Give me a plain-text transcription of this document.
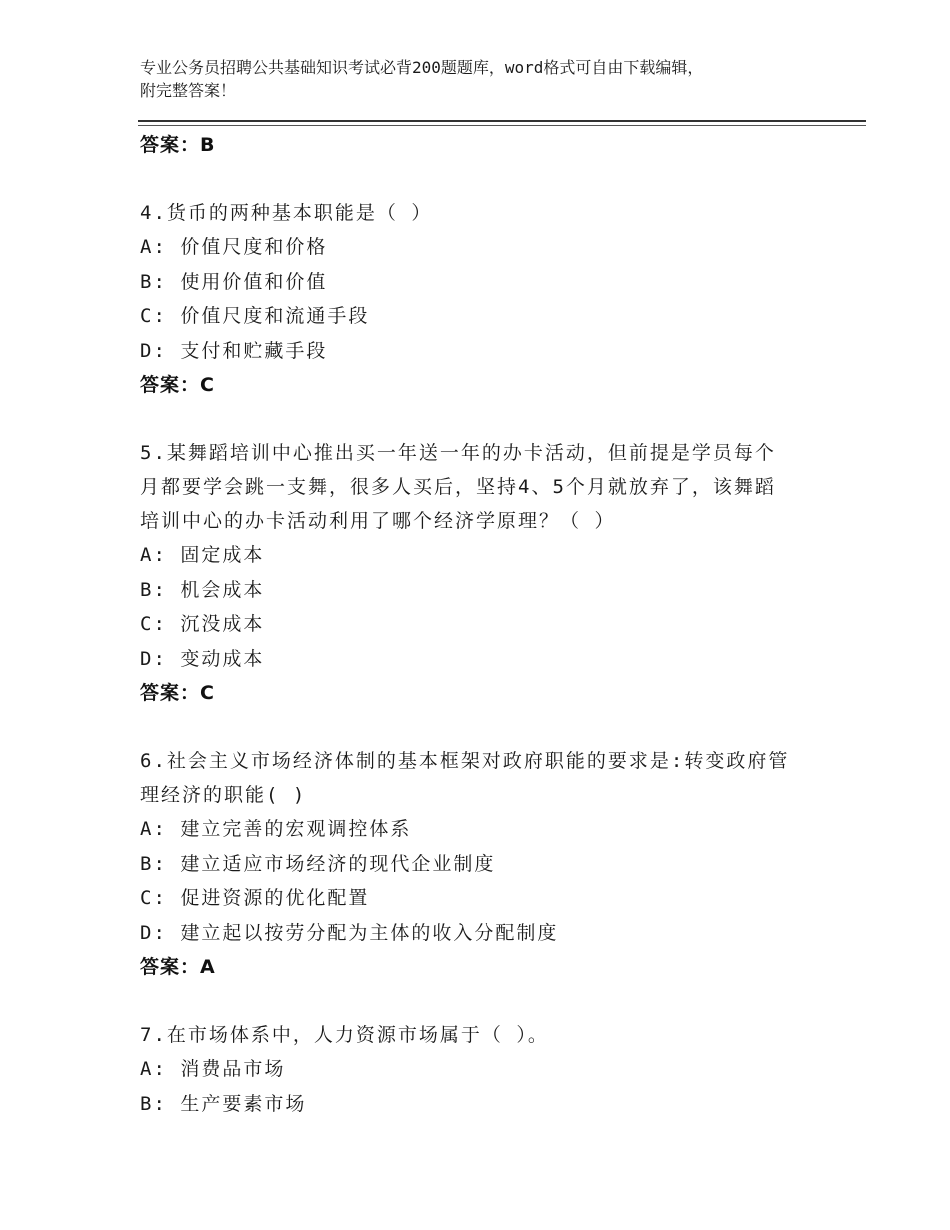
专业公务员招聘公共基础知识考试必背200题题库，word格式可自由下载编辑，
附完整答案！
答案：B
4.货币的两种基本职能是（ ）
A: 价值尺度和价格
B: 使用价值和价值
C: 价值尺度和流通手段
D: 支付和贮藏手段
答案：C
5.某舞蹈培训中心推出买一年送一年的办卡活动，但前提是学员每个
月都要学会跳一支舞，很多人买后，坚持4、5个月就放弃了，该舞蹈
培训中心的办卡活动利用了哪个经济学原理？（ ）
A: 固定成本
B: 机会成本
C: 沉没成本
D: 变动成本
答案：C
6.社会主义市场经济体制的基本框架对政府职能的要求是:转变政府管
理经济的职能( )
A: 建立完善的宏观调控体系
B: 建立适应市场经济的现代企业制度
C: 促进资源的优化配置
D: 建立起以按劳分配为主体的收入分配制度
答案：A
7.在市场体系中，人力资源市场属于（ ）。
A: 消费品市场
B: 生产要素市场
